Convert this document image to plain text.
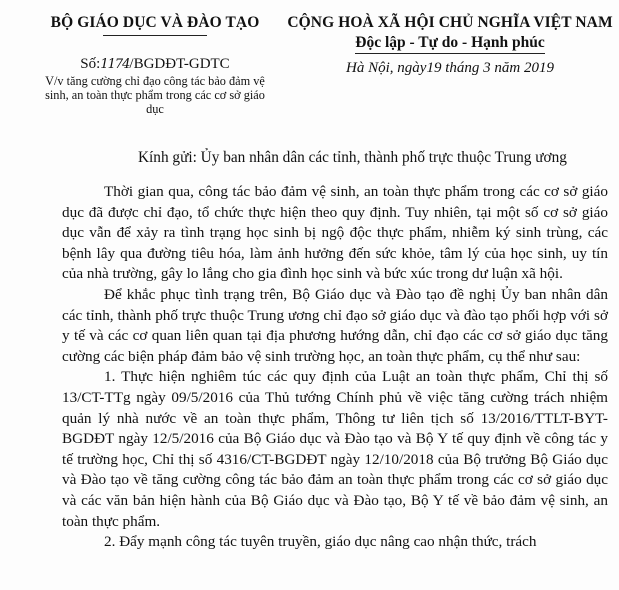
BỘ GIÁO DỤC VÀ ĐÀO TẠO
Số:1174/BGDĐT-GDTC
V/v tăng cường chỉ đạo công tác bảo đảm vệ sinh, an toàn thực phẩm trong các cơ sở giáo dục
CỘNG HOÀ XÃ HỘI CHỦ NGHĨA VIỆT NAM
Độc lập - Tự do - Hạnh phúc
Hà Nội, ngày19 tháng 3 năm 2019
Kính gửi: Ủy ban nhân dân các tỉnh, thành phố trực thuộc Trung ương

Thời gian qua, công tác bảo đảm vệ sinh, an toàn thực phẩm trong các cơ sở giáo dục đã được chỉ đạo, tổ chức thực hiện theo quy định. Tuy nhiên, tại một số cơ sở giáo dục vẫn để xảy ra tình trạng học sinh bị ngộ độc thực phẩm, nhiễm ký sinh trùng, các bệnh lây qua đường tiêu hóa, làm ảnh hưởng đến sức khỏe, tâm lý của học sinh, uy tín của nhà trường, gây lo lắng cho gia đình học sinh và bức xúc trong dư luận xã hội.

Để khắc phục tình trạng trên, Bộ Giáo dục và Đào tạo đề nghị Ủy ban nhân dân các tỉnh, thành phố trực thuộc Trung ương chỉ đạo sở giáo dục và đào tạo phối hợp với sở y tế và các cơ quan liên quan tại địa phương hướng dẫn, chỉ đạo các cơ sở giáo dục tăng cường các biện pháp đảm bảo vệ sinh trường học, an toàn thực phẩm, cụ thể như sau:

1. Thực hiện nghiêm túc các quy định của Luật an toàn thực phẩm, Chỉ thị số 13/CT-TTg ngày 09/5/2016 của Thủ tướng Chính phủ về việc tăng cường trách nhiệm quản lý nhà nước về an toàn thực phẩm, Thông tư liên tịch số 13/2016/TTLT-BYT-BGDĐT ngày 12/5/2016 của Bộ Giáo dục và Đào tạo và Bộ Y tế quy định về công tác y tế trường học, Chỉ thị số 4316/CT-BGDĐT ngày 12/10/2018 của Bộ trưởng Bộ Giáo dục và Đào tạo về tăng cường công tác bảo đảm an toàn thực phẩm trong các cơ sở giáo dục và các văn bản hiện hành của Bộ Giáo dục và Đào tạo, Bộ Y tế về bảo đảm vệ sinh, an toàn thực phẩm.

2. Đẩy mạnh công tác tuyên truyền, giáo dục nâng cao nhận thức, trách
